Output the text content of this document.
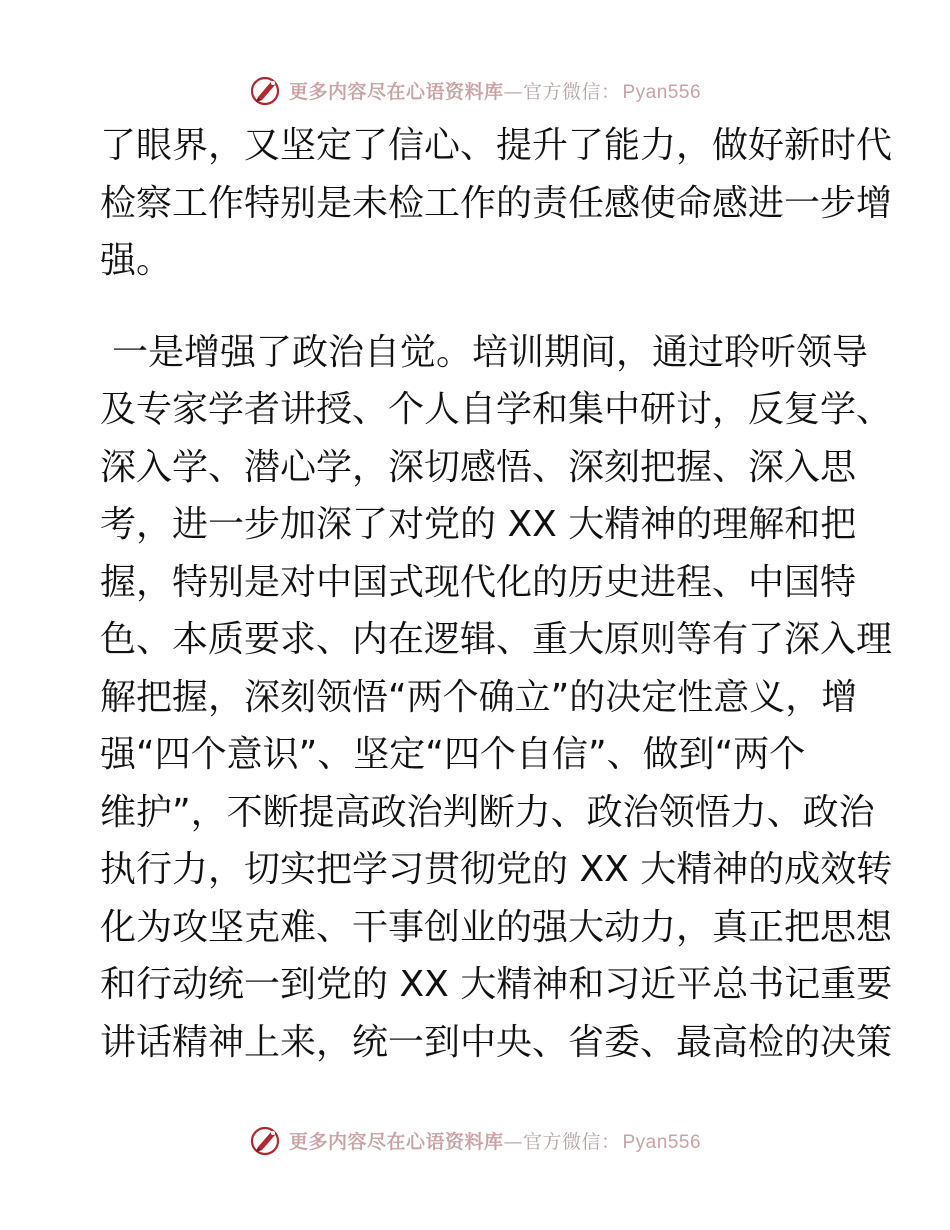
更多内容尽在心语资料库 — 官方微信： Pyan556
了眼界，又坚定了信心、提升了能力，做好新时代
检察工作特别是未检工作的责任感使命感进一步增
强。
一是增强了政治自觉。培训期间，通过聆听领导
及专家学者讲授、个人自学和集中研讨，反复学、
深入学、潜心学，深切感悟、深刻把握、深入思
考，进一步加深了对党的 XX 大精神的理解和把
握，特别是对中国式现代化的历史进程、中国特
色、本质要求、内在逻辑、重大原则等有了深入理
解把握，深刻领悟“两个确立”的决定性意义，增
强“四个意识”、坚定“四个自信”、做到“两个
维护”，不断提高政治判断力、政治领悟力、政治
执行力，切实把学习贯彻党的 XX 大精神的成效转
化为攻坚克难、干事创业的强大动力，真正把思想
和行动统一到党的 XX 大精神和习近平总书记重要
讲话精神上来，统一到中央、省委、最高检的决策
更多内容尽在心语资料库 — 官方微信： Pyan556
